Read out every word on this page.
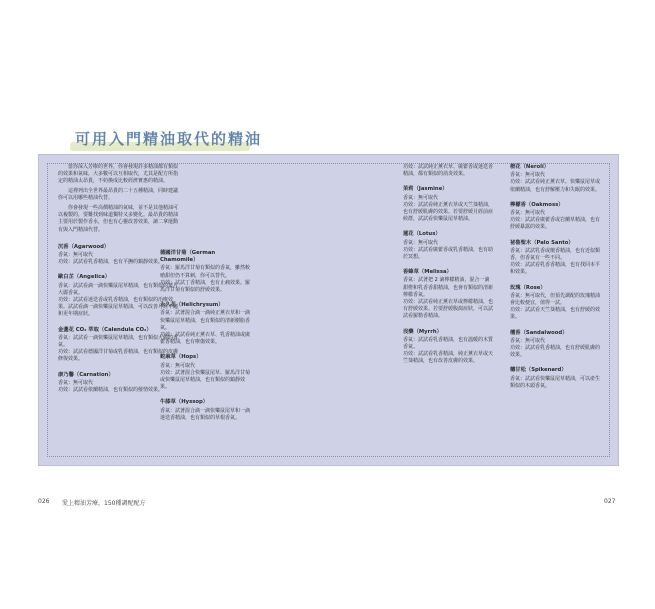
可用入門精油取代的精油

當你深入芳療的世界，你會發現許多精油都有類似的效果和氣味，大多數可以互相取代，尤其是配方所指定的精油太昂貴，不妨換成比較經濟實惠的精油。

這裡列出全世界最昂貴的二十五種精油，同時建議你可以用哪些精油代替。

你會發現一些高價精油的氣味，並不是其他精油可以複製的，要難找到味道獨特又多變化。最昂貴的精油主要用於製作香水，但也有心靈改善效果，讀二拿運動有與入門精油代替。

沉香（Agarwood）

香氣：無可取代

功效：試試看乳香精油，也有平撫的鎮靜效果。

歐白芷（Angelica）

香氣：試試看滴一滴快樂鼠尾草精油，也有類似的葉片大麗香氣。

功效：試試看迷迭香或乳香精油，也有類似的治療效果。試試看滴一滴快樂鼠尾草精油，可以改善月經不適和更年期症狀。

金盞花 CO₂ 萃取（Calendula CO₂）

香氣：試試看一滴快樂鼠尾草精油，也有類似大麗的香氣。

功效：試試看德國洋甘菊或乳香精油，也有類似的皮膚修復效果。

康乃馨（Carnation）

香氣：無可取代

功效：試試看依蘭精油，也有類似的催情效果。

德國洋甘菊（German Chamomile）

香氣：羅馬洋甘菊有類似的香氣，雖然較嗆甜但仍不算刺，你可以替代。

功效：試試丁香精油，也有止痛效果。羅馬洋甘菊有類似的舒緩效果。

永久花（Helichrysum）

香氣：試著混合滴一滴純正薰衣草和一滴快樂鼠尾草精油，也有類似的清新樹脂香氣。

功效：試試看純正薰衣草、乳香精油或廣藿香精油，也有療傷效果。

蛇麻草（Hops）

香氣：無可取代

功效：試著混合快樂鼠尾草、羅馬洋甘菊或快樂鼠尾草精油，也有類似的鎮靜效果。

牛膝草（Hyssop）

香氣：試著混合滴一滴快樂鼠尾草和一滴迷迭香精油，也有類似的草根香氣。

功效：試試純正薰衣草、廣藿香或迷迭香精油，都有類似的消炎效果。

茉莉（Jasmine）

香氣：無可取代

功效：試試看純正薰衣草或天竺葵精油，也有舒緩肌膚的效果。若要舒緩月經前症候群，試試看快樂鼠尾草精油。

蓮花（Lotus）

香氣：無可取代

功效：試試看廣藿香或乳香精油，也有助於冥想。

香蜂草（Melissa）

香氣：試著把 2 滴檸檬精油，混合一滴甜橙和乳香香甜精油，也會有類似的清新檸檬香氣。

功效：試試看純正薰衣草或檸檬精油，也有舒緩效果。若要舒緩腹瀉症狀，可以試試看羅勒香精油。

沒藥（Myrrh）

香氣：試試看乳香精油，也有溫暖的木質香氣。

功效：試試看乳香精油，純正薰衣草或天竺葵精油，也有改善皮膚的效果。

橙花（Neroli）

香氣：無可取代

功效：試試看純正薰衣草、快樂鼠尾草或依蘭精油，也有舒解壓力和失眠的效果。

檸檬香（Oakmoss）

香氣：無可取代

功效：試試看廣藿香或岩蘭草精油，也有舒緩暴露的效果。

祕魯聖木（Palo Santo）

香氣：試試乳香或檀香精油，也有近似類香，但香氣有一些不同。

功效：試試看乳香香精油，也有找回本平和效果。

玫瑰（Rose）

香氣：無可取代，但預先調配的玫瑰精油會比較便宜，值得一試。

功效：試試看天竺葵精油，也有舒緩的效果。

檀香（Sandalwood）

香氣：無可取代

功效：試試看乳香精油，也有舒緩肌膚的效果。

穗甘松（Spikenard）

香氣：試試看快樂鼠尾草精油，可以產生類似的木頭香氣。

026 愛上精油芳療，150種調配配方	027
